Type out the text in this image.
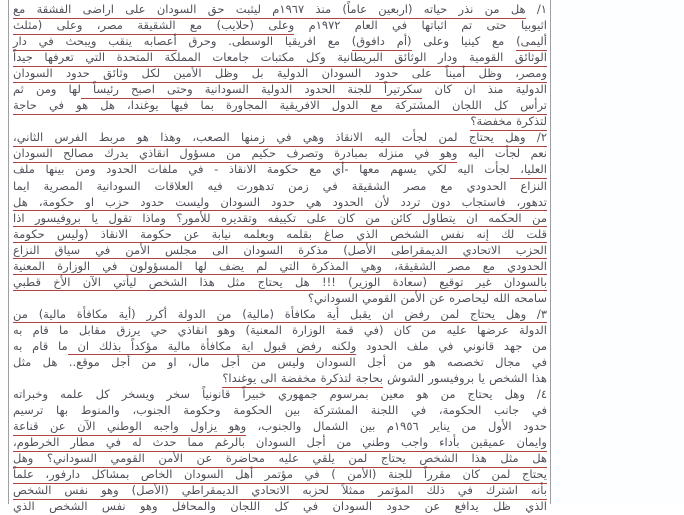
١/ هل من نذر حياته (اربعين عاماً) منذ ١٩٦٧م ليثبت حق السودان على اراضى الفشقة مع
اثيوبيا حتى تم اثباتها في العام ١٩٧٢م وعلى (حلايب) مع الشقيقة مصر، وعلى (مثلث
أليمى) مع كينيا وعلى (أم دافوق) مع افريقيا الوسطى. وحرق أعصابه ينقب ويبحث في دار
الوثائق القومية ودار الوثائق البريطانية وكل مكتبات جامعات المملكة المتحدة التي تعرفها جيداً
ومصر، وظل أميناً على حدود السودان الدولية بل وظل الأمين لكل وثائق حدود السودان
الدولية منذ ان كان سكرتيراً للجنة الحدود الدولية السودانية وحتى اصبح رئيساً لها ومن ثم
ترأس كل اللجان المشتركة مع الدول الافريقية المجاورة بما فيها يوغندا، هل هو في حاجة
لتذكرة مخفضة؟
٢/ وهل يحتاج لمن لجأت اليه الانقاذ وهي في زمنها الصعب، وهذا هو مربط الفرس الثاني،
نعم لجأت اليه وهو في منزله بمبادرة وتصرف حكيم من مسؤول انقاذي يدرك مصالح السودان
العليا، لجأت اليه لكي يسهم معها -أي مع حكومة الانقاذ - في ملفات الحدود ومن بينها ملف
النزاع الحدودي مع مصر الشقيقة في زمن تدهورت فيه العلاقات السودانية المصرية ايما
تدهور، فاستجاب دون تردد لأن الحدود هي حدود السودان وليست حدود حزب او حكومة، هل
من الحكمه ان يتطاول كائن من كان على تكييفه وتقديره للأمور؟ وماذا تقول يا بروفيسور اذا
قلت لك إنه نفس الشخص الذي صاغ بقلمه وبعلمه نيابة عن حكومة الانقاذ (وليس حكومة
الحزب الاتحادي الديمقراطى الأصل) مذكرة السودان الى مجلس الأمن في سياق النزاع
الحدودي مع مصر الشقيقة، وهي المذكرة التي لم يضف لها المسؤولون في الوزارة المعنية
بالسودان غير توقيع (سعادة الوزير) !!! هل يحتاج مثل هذا الشخص ليأتي الآن الأخ قطبي
سامحه الله ليحاصره عن الأمن القومي السوداني؟
٣/ وهل يحتاج لمن رفض ان يقبل أية مكافأة (مالية) من الدولة أكرر (أية مكافأة مالية) من
الدولة عرضها عليه من كان (في قمة الوزارة المعنية) وهو انقاذي حي يرزق مقابل ما قام به
من جهد قانوني في ملف الحدود ولكنه رفض قبول اية مكافأة مالية مؤكداً بذلك ان ما قام به
في مجال تخصصه هو من أجل السودان وليس من أجل مال، او من أجل موقع.. هل مثل
هذا الشخص يا بروفيسور الشوش بحاجة لتذكرة مخفضة الى يوغندا؟
٤/ وهل يحتاج من هو معين بمرسوم جمهوري خبيراً قانونياً سخر ويسخر كل علمه وخبراته
في جانب الحكومة، في اللجنة المشتركة بين الحكومة وحكومة الجنوب، والمنوط بها ترسيم
حدود الأول من يناير ١٩٥٦م بين الشمال والجنوب، وهو يزاول واجبه الوطني الآن عن قناعة
وايمان عميقين بأداء واجب وطني من أجل السودان بالرغم مما حدث له في مطار الخرطوم،
هل مثل هذا الشخص يحتاج لمن يلقي عليه محاضرة عن الأمن القومي السوداني؟ وهل
يحتاج لمن كان مقرراً للجنة (الأمن ) في مؤتمر أهل السودان الخاص بمشاكل دارفور، علماً
بأنه اشترك في ذلك المؤتمر ممثلاً لحزبه الاتحادي الديمقراطي (الأصل) وهو نفس الشخص
الذي ظل يدافع عن حدود السودان في كل اللجان والمحافل وهو نفس الشخص الذي
